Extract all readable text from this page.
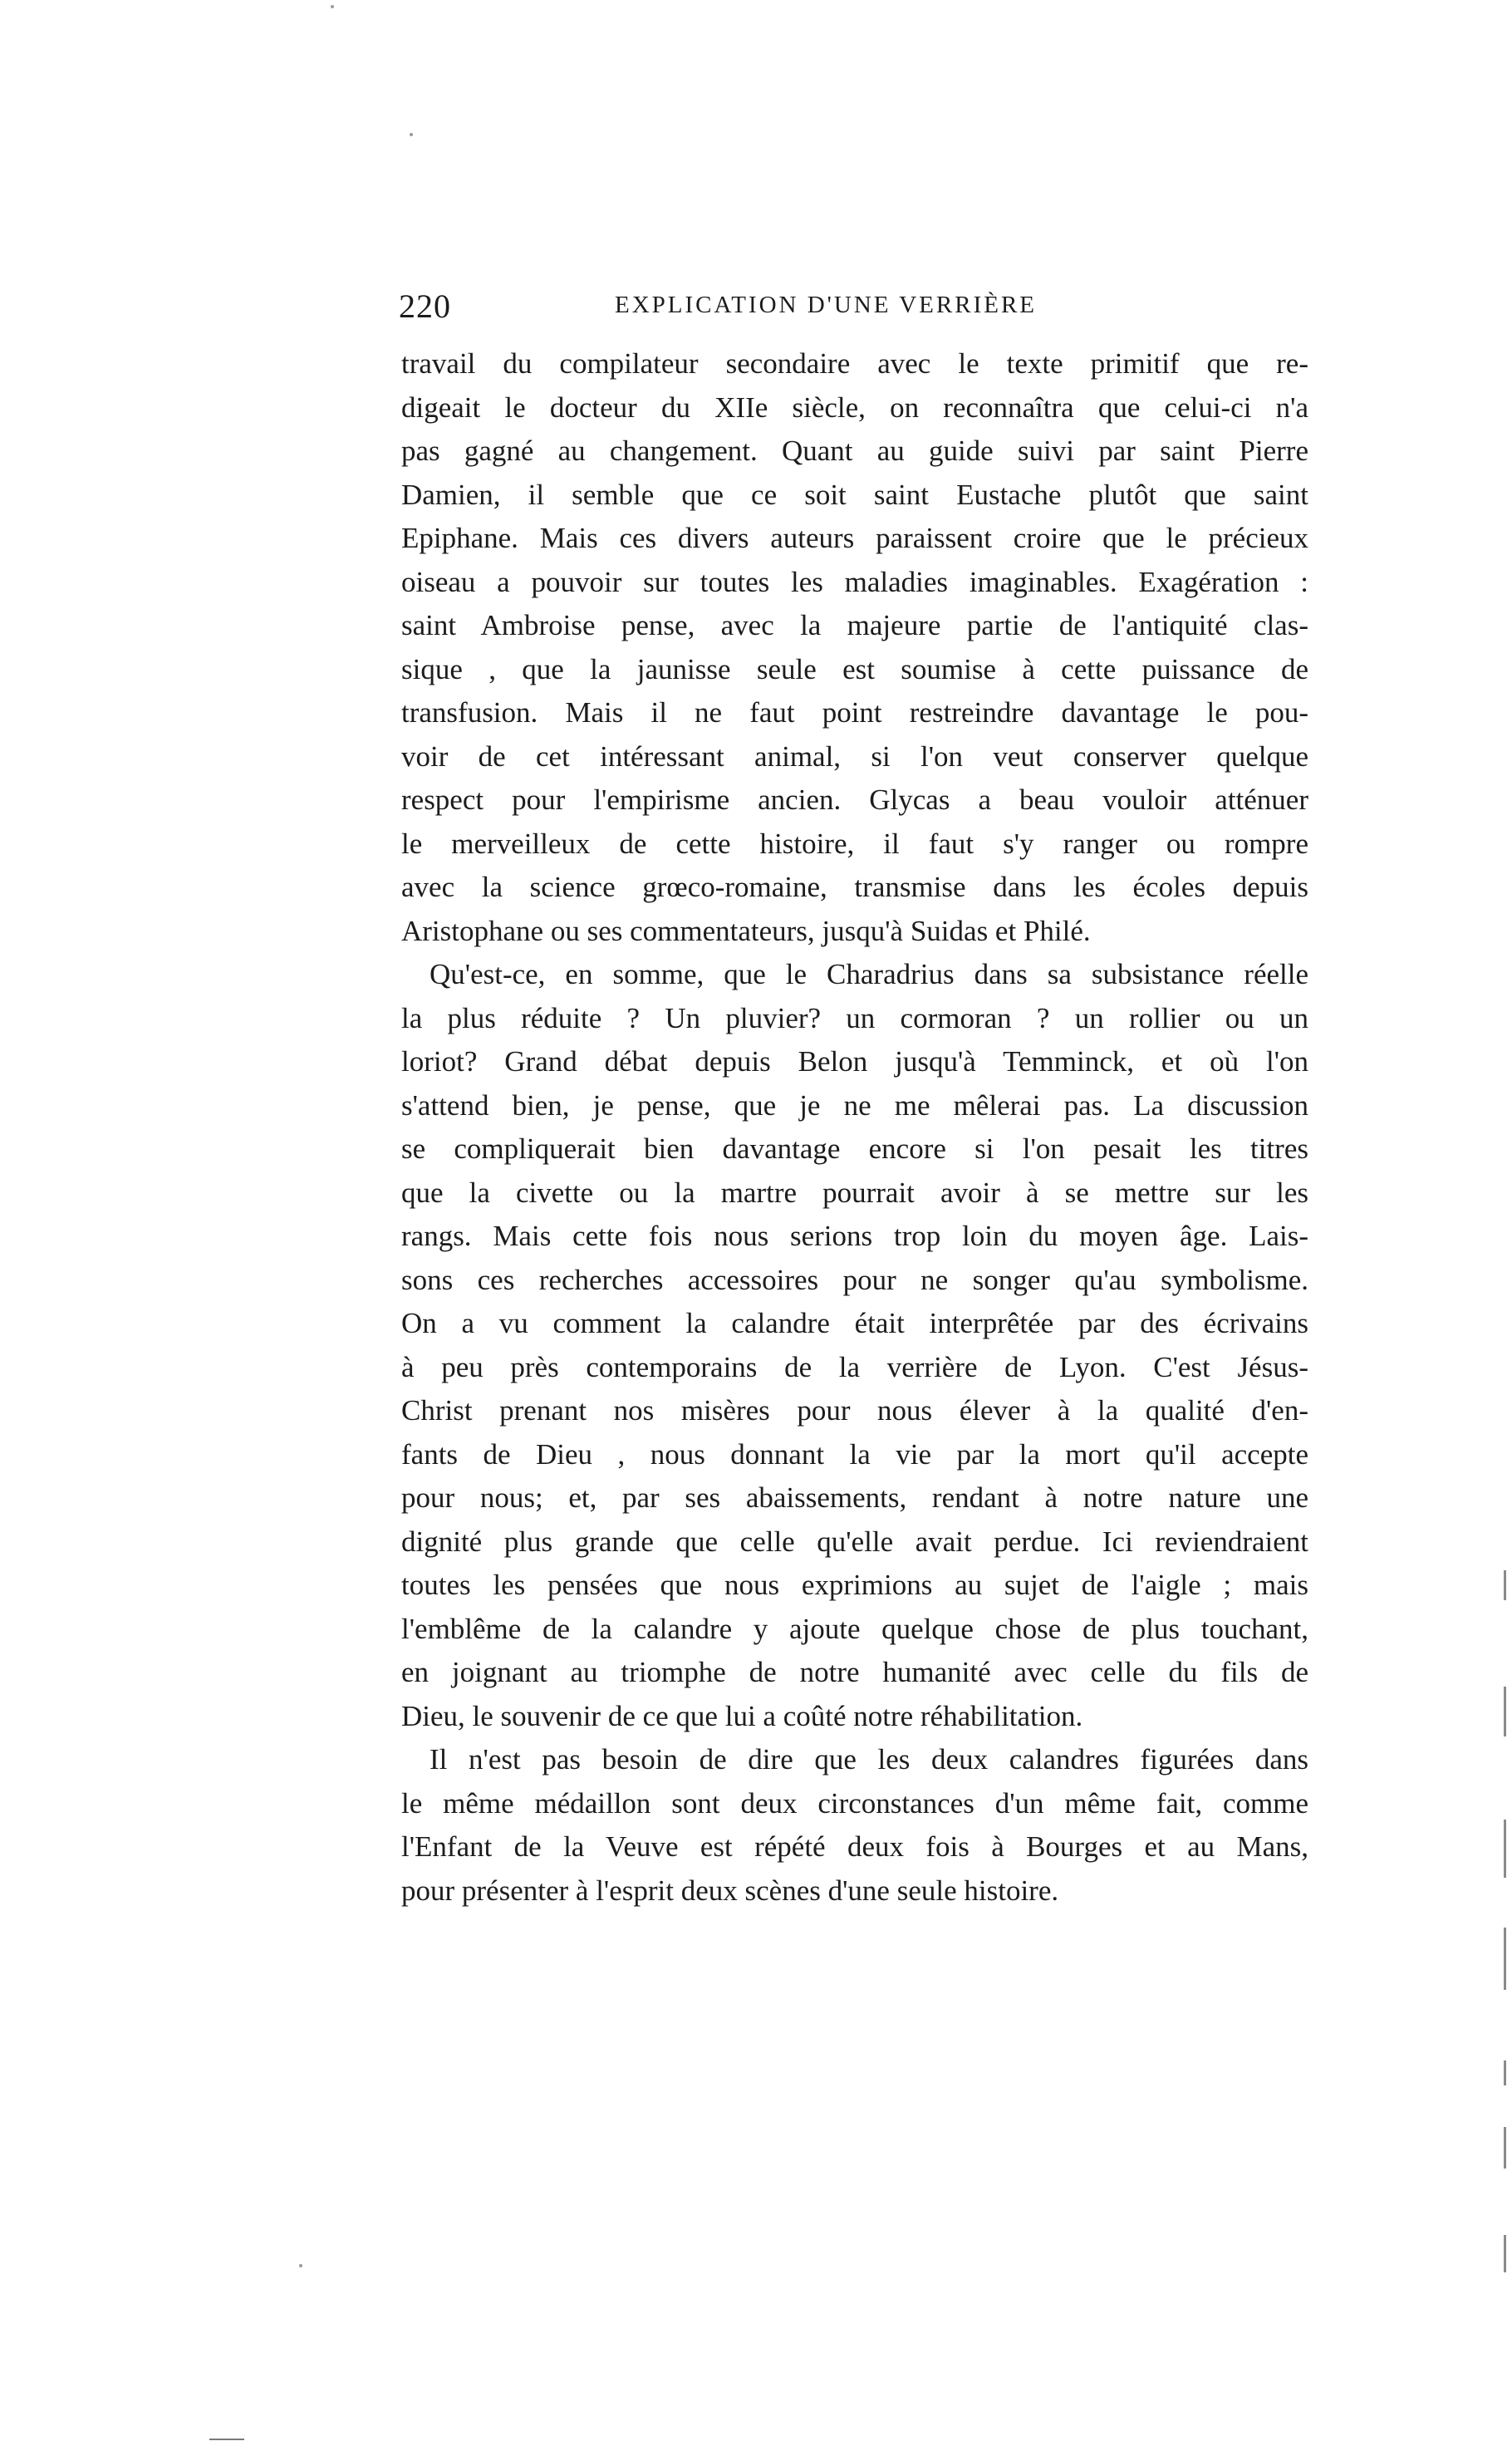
220	EXPLICATION D'UNE VERRIÈRE

travail du compilateur secondaire avec le texte primitif que re-
digeait le docteur du XIIe siècle, on reconnaîtra que celui-ci n'a
pas gagné au changement. Quant au guide suivi par saint Pierre
Damien, il semble que ce soit saint Eustache plutôt que saint
Epiphane. Mais ces divers auteurs paraissent croire que le précieux
oiseau a pouvoir sur toutes les maladies imaginables. Exagération :
saint Ambroise pense, avec la majeure partie de l'antiquité clas-
sique , que la jaunisse seule est soumise à cette puissance de
transfusion. Mais il ne faut point restreindre davantage le pou-
voir de cet intéressant animal, si l'on veut conserver quelque
respect pour l'empirisme ancien. Glycas a beau vouloir atténuer
le merveilleux de cette histoire, il faut s'y ranger ou rompre
avec la science grœco-romaine, transmise dans les écoles depuis
Aristophane ou ses commentateurs, jusqu'à Suidas et Philé.

Qu'est-ce, en somme, que le Charadrius dans sa subsistance réelle
la plus réduite ? Un pluvier? un cormoran ? un rollier ou un
loriot? Grand débat depuis Belon jusqu'à Temminck, et où l'on
s'attend bien, je pense, que je ne me mêlerai pas. La discussion
se compliquerait bien davantage encore si l'on pesait les titres
que la civette ou la martre pourrait avoir à se mettre sur les
rangs. Mais cette fois nous serions trop loin du moyen âge. Lais-
sons ces recherches accessoires pour ne songer qu'au symbolisme.
On a vu comment la calandre était interprêtée par des écrivains
à peu près contemporains de la verrière de Lyon. C'est Jésus-
Christ prenant nos misères pour nous élever à la qualité d'en-
fants de Dieu , nous donnant la vie par la mort qu'il accepte
pour nous; et, par ses abaissements, rendant à notre nature une
dignité plus grande que celle qu'elle avait perdue. Ici reviendraient
toutes les pensées que nous exprimions au sujet de l'aigle ; mais
l'emblême de la calandre y ajoute quelque chose de plus touchant,
en joignant au triomphe de notre humanité avec celle du fils de
Dieu, le souvenir de ce que lui a coûté notre réhabilitation.

Il n'est pas besoin de dire que les deux calandres figurées dans
le même médaillon sont deux circonstances d'un même fait, comme
l'Enfant de la Veuve est répété deux fois à Bourges et au Mans,
pour présenter à l'esprit deux scènes d'une seule histoire.
